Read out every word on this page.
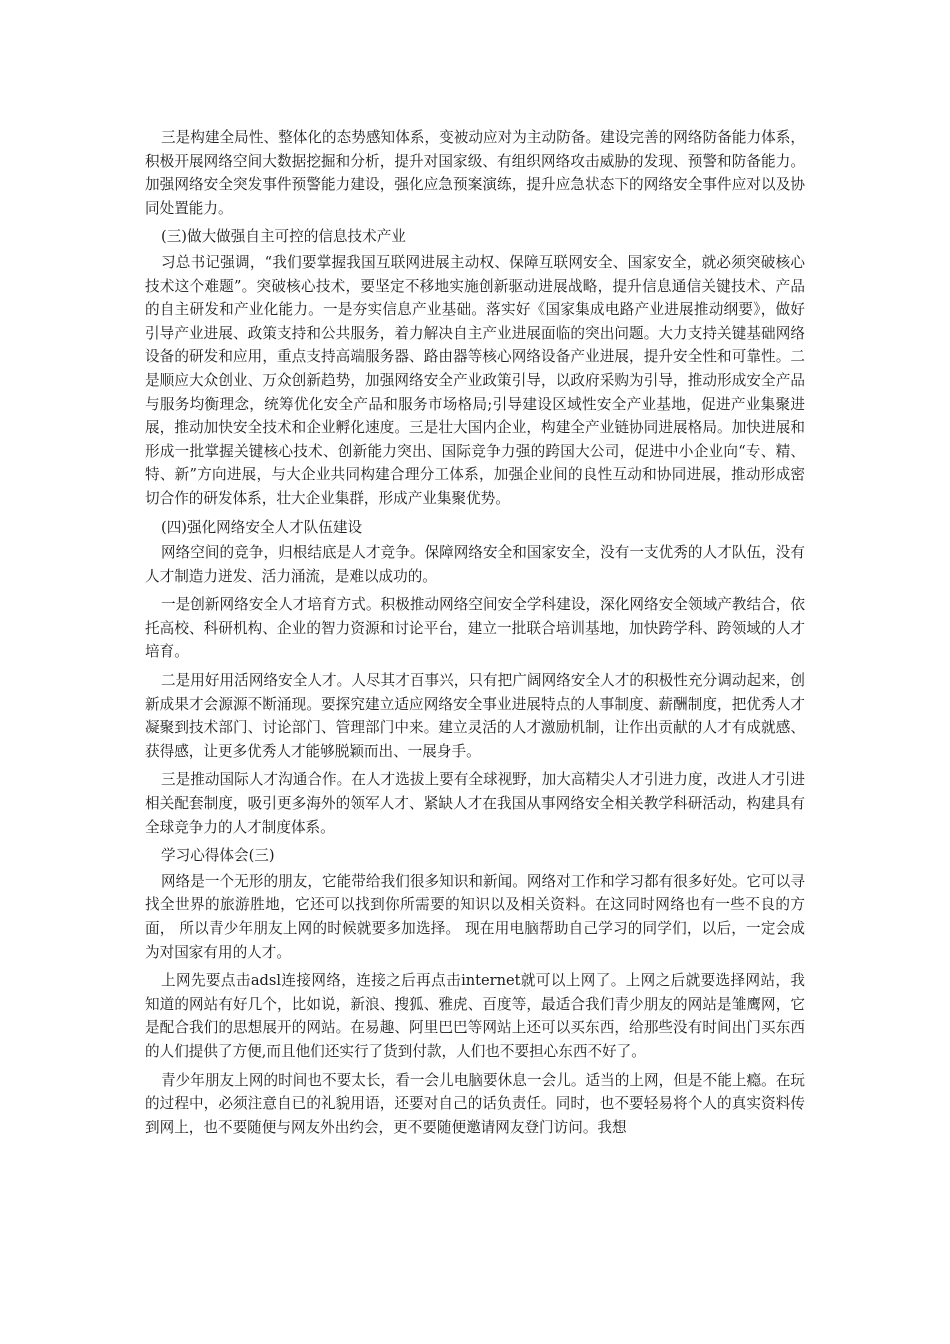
三是构建全局性、整体化的态势感知体系，变被动应对为主动防备。建设完善的网络防备能力体系，积极开展网络空间大数据挖掘和分析，提升对国家级、有组织网络攻击威胁的发现、预警和防备能力。加强网络安全突发事件预警能力建设，强化应急预案演练，提升应急状态下的网络安全事件应对以及协同处置能力。

(三)做大做强自主可控的信息技术产业

习总书记强调，“我们要掌握我国互联网进展主动权、保障互联网安全、国家安全，就必须突破核心技术这个难题”。突破核心技术，要坚定不移地实施创新驱动进展战略，提升信息通信关键技术、产品的自主研发和产业化能力。一是夯实信息产业基础。落实好《国家集成电路产业进展推动纲要》，做好引导产业进展、政策支持和公共服务，着力解决自主产业进展面临的突出问题。大力支持关键基础网络设备的研发和应用，重点支持高端服务器、路由器等核心网络设备产业进展，提升安全性和可靠性。二是顺应大众创业、万众创新趋势，加强网络安全产业政策引导，以政府采购为引导，推动形成安全产品与服务均衡理念，统筹优化安全产品和服务市场格局;引导建设区域性安全产业基地，促进产业集聚进展，推动加快安全技术和企业孵化速度。三是壮大国内企业，构建全产业链协同进展格局。加快进展和形成一批掌握关键核心技术、创新能力突出、国际竞争力强的跨国大公司，促进中小企业向“专、精、特、新”方向进展，与大企业共同构建合理分工体系，加强企业间的良性互动和协同进展，推动形成密切合作的研发体系，壮大企业集群，形成产业集聚优势。

(四)强化网络安全人才队伍建设

网络空间的竞争，归根结底是人才竞争。保障网络安全和国家安全，没有一支优秀的人才队伍，没有人才制造力迸发、活力涌流，是难以成功的。

一是创新网络安全人才培育方式。积极推动网络空间安全学科建设，深化网络安全领域产教结合，依托高校、科研机构、企业的智力资源和讨论平台，建立一批联合培训基地，加快跨学科、跨领域的人才培育。

二是用好用活网络安全人才。人尽其才百事兴，只有把广阔网络安全人才的积极性充分调动起来，创新成果才会源源不断涌现。要探究建立适应网络安全事业进展特点的人事制度、薪酬制度，把优秀人才凝聚到技术部门、讨论部门、管理部门中来。建立灵活的人才激励机制，让作出贡献的人才有成就感、获得感，让更多优秀人才能够脱颖而出、一展身手。

三是推动国际人才沟通合作。在人才选拔上要有全球视野，加大高精尖人才引进力度，改进人才引进相关配套制度，吸引更多海外的领军人才、紧缺人才在我国从事网络安全相关教学科研活动，构建具有全球竞争力的人才制度体系。

学习心得体会(三)

网络是一个无形的朋友，它能带给我们很多知识和新闻。网络对工作和学习都有很多好处。它可以寻找全世界的旅游胜地，它还可以找到你所需要的知识以及相关资料。在这同时网络也有一些不良的方面， 所以青少年朋友上网的时候就要多加选择。 现在用电脑帮助自己学习的同学们，以后，一定会成为对国家有用的人才。

上网先要点击adsl连接网络，连接之后再点击internet就可以上网了。上网之后就要选择网站，我知道的网站有好几个，比如说，新浪、搜狐、雅虎、百度等，最适合我们青少朋友的网站是雏鹰网，它是配合我们的思想展开的网站。在易趣、阿里巴巴等网站上还可以买东西，给那些没有时间出门买东西的人们提供了方便,而且他们还实行了货到付款，人们也不要担心东西不好了。

青少年朋友上网的时间也不要太长，看一会儿电脑要休息一会儿。适当的上网，但是不能上瘾。在玩的过程中，必须注意自已的礼貌用语，还要对自己的话负责任。同时，也不要轻易将个人的真实资料传到网上，也不要随便与网友外出约会，更不要随便邀请网友登门访问。我想
